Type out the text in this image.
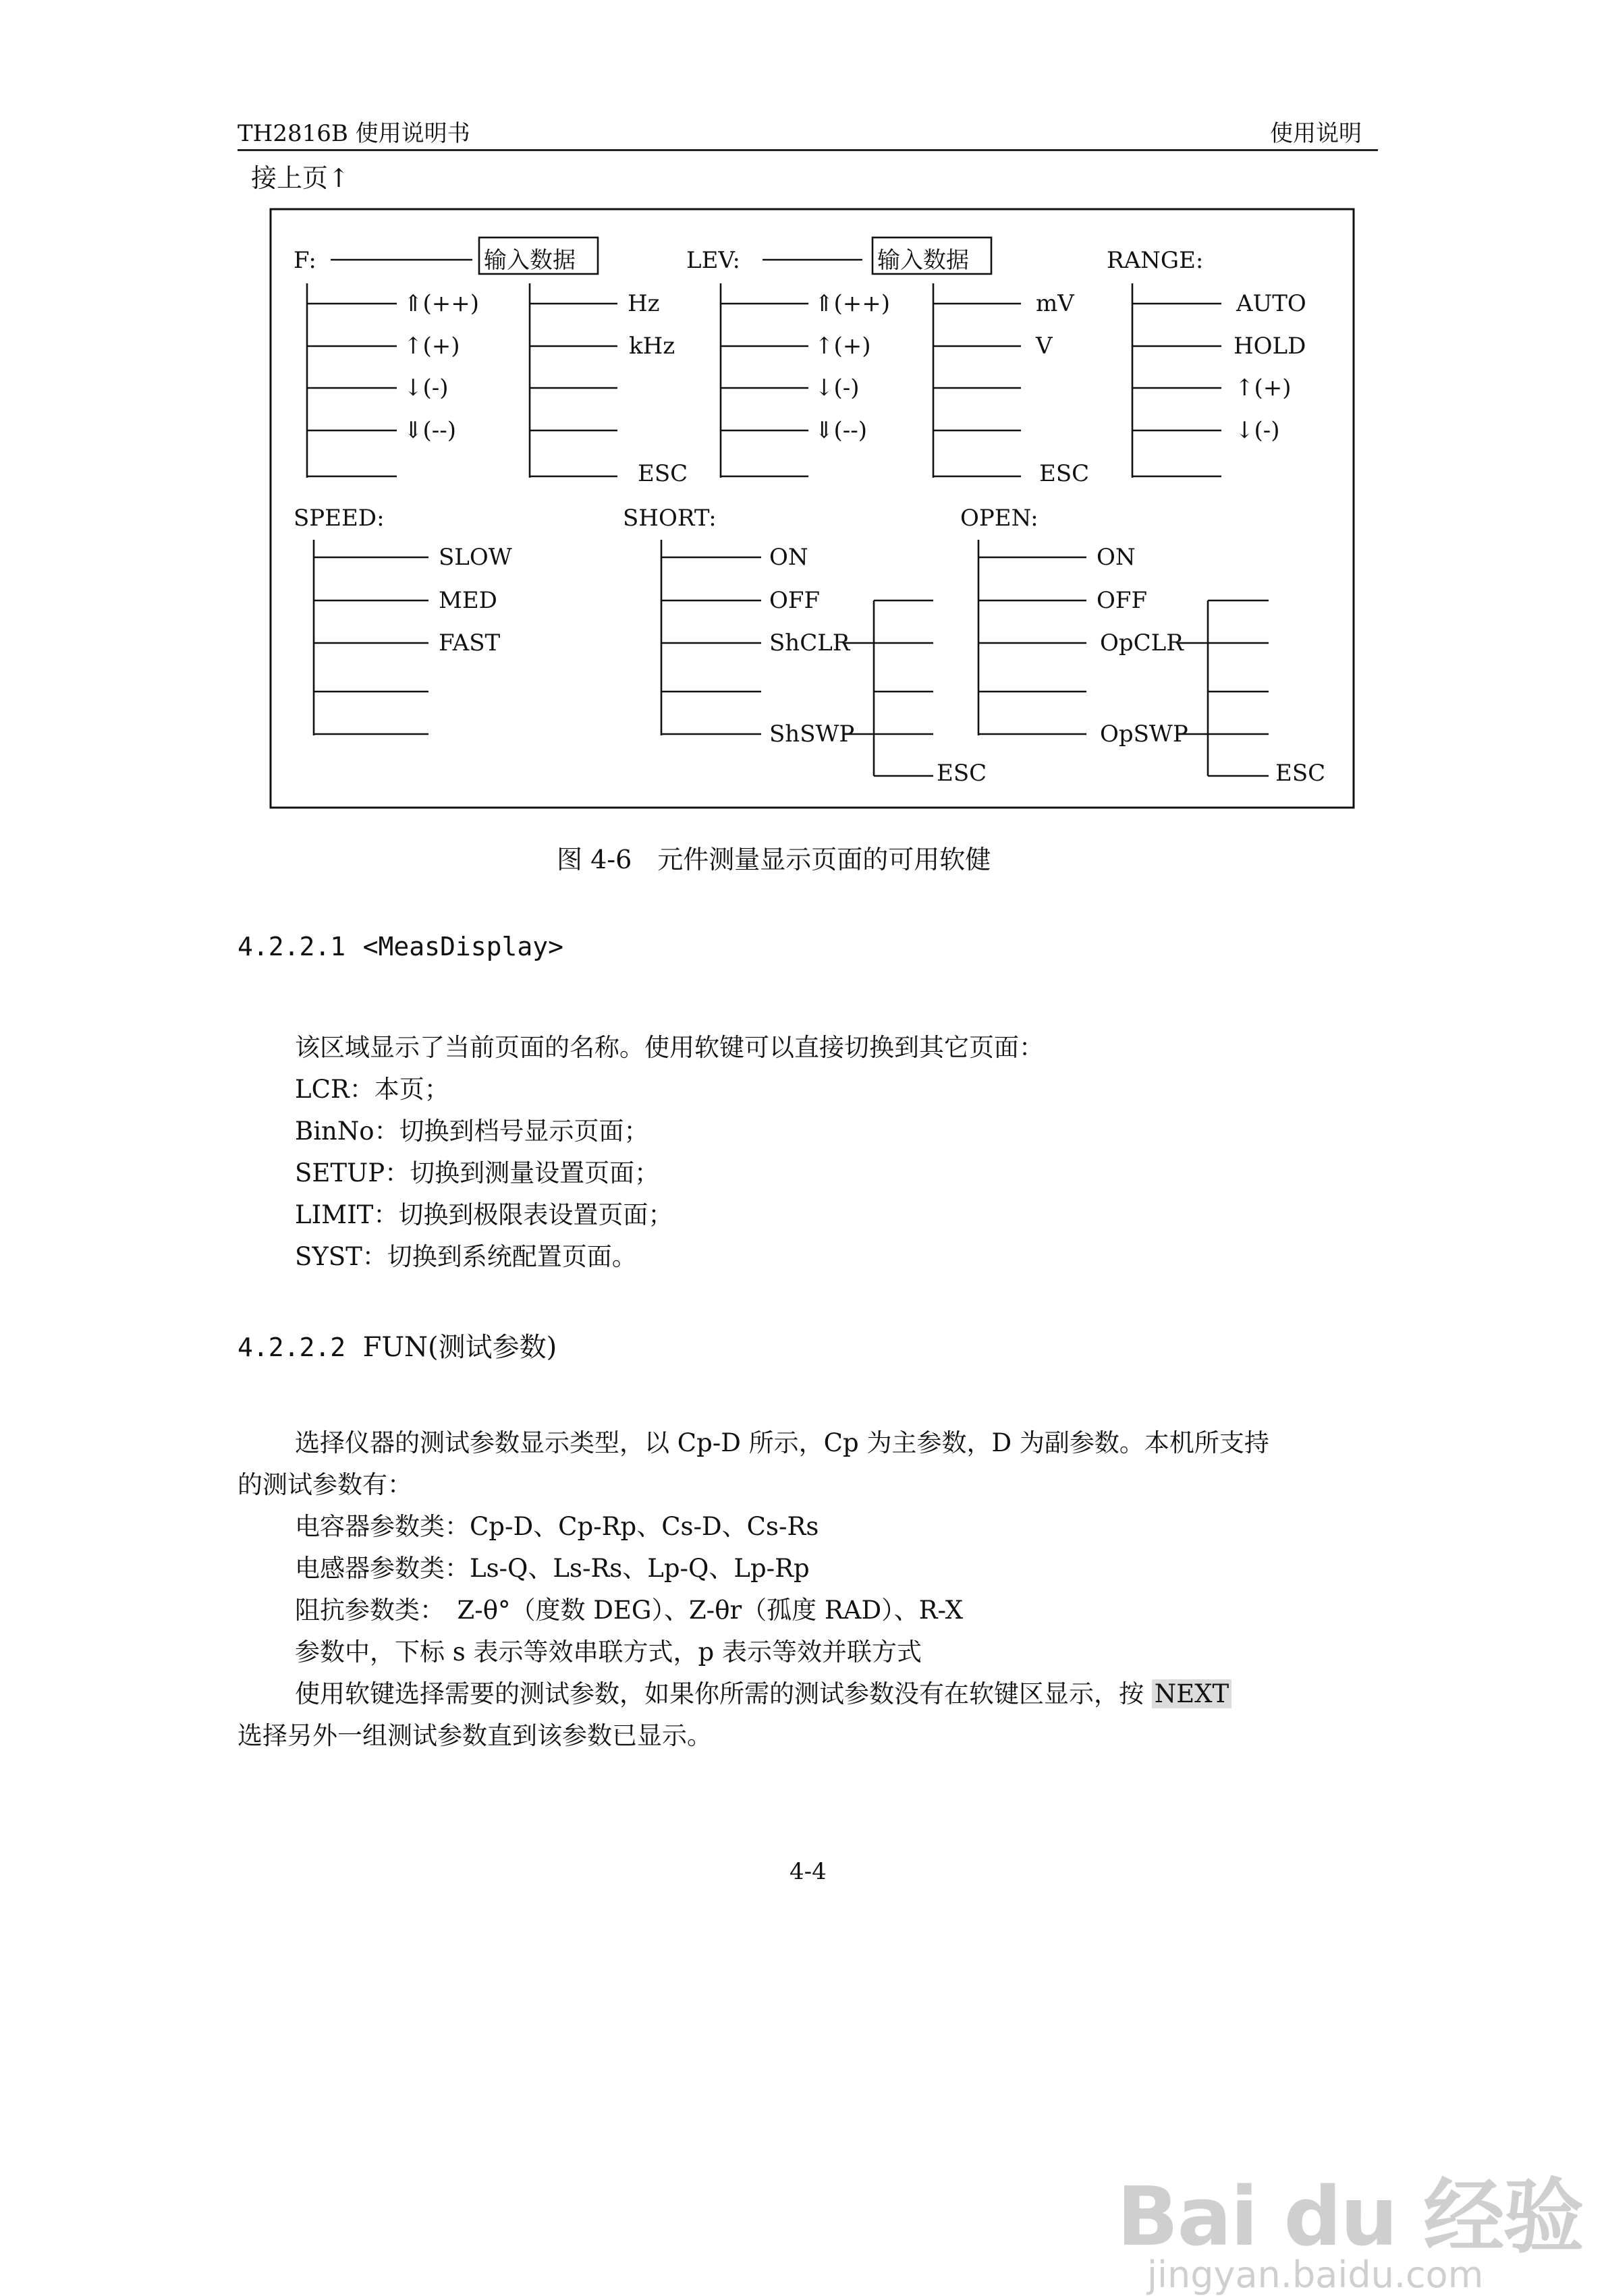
TH2816B 使用说明书	使用说明
接上页↑
F:	输入数据
⇑(++)
↑(+)
↓(-)
⇓(--)
Hz
kHz
ESC
LEV:	输入数据
⇑(++)
↑(+)
↓(-)
⇓(--)
mV
V
ESC
RANGE:
AUTO
HOLD
↑(+)
↓(-)
SPEED:
SLOW
MED
FAST
SHORT:
ON
OFF
ShCLR
ShSWP
ESC
OPEN:
ON
OFF
OpCLR
OpSWP
ESC
图 4-6　元件测量显示页面的可用软健
4.2.2.1 <MeasDisplay>
该区域显示了当前页面的名称。使用软键可以直接切换到其它页面：
LCR：本页；
BinNo：切换到档号显示页面；
SETUP：切换到测量设置页面；
LIMIT：切换到极限表设置页面；
SYST：切换到系统配置页面。
4.2.2.2 FUN(测试参数)
选择仪器的测试参数显示类型，以 Cp-D 所示，Cp 为主参数，D 为副参数。本机所支持
的测试参数有：
电容器参数类：Cp-D、Cp-Rp、Cs-D、Cs-Rs
电感器参数类：Ls-Q、Ls-Rs、Lp-Q、Lp-Rp
阻抗参数类：　Z-θ°（度数 DEG）、Z-θr（孤度 RAD）、R-X
参数中，下标 s 表示等效串联方式，p 表示等效并联方式
使用软键选择需要的测试参数，如果你所需的测试参数没有在软键区显示，按 NEXT
选择另外一组测试参数直到该参数已显示。
4-4
Bai du 经验
jingyan.baidu.com
